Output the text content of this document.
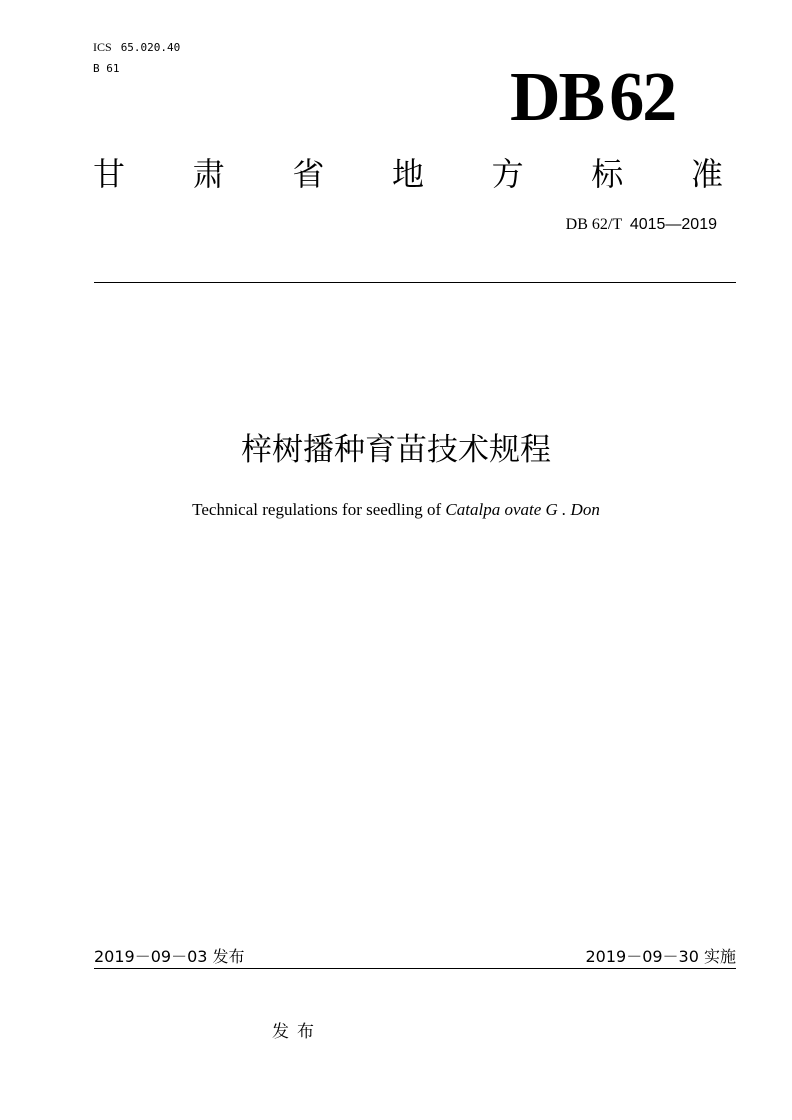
ICS 65.020.40
B 61	DB62
甘 肃 省 地 方 标 准
DB 62/T 4015—2019
梓树播种育苗技术规程
Technical regulations for seedling of Catalpa ovate G . Don
2019－09－03 发布	2019－09－30 实施
发布
